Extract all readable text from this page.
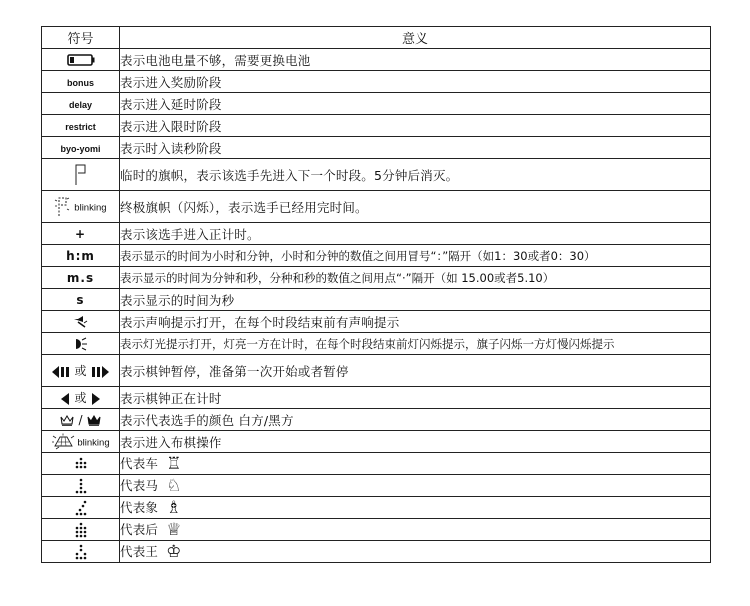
符号	意义
	表示电池电量不够，需要更换电池
bonus	表示进入奖励阶段
delay	表示进入延时阶段
restrict	表示进入限时阶段
byo-yomi	表示时入读秒阶段
	临时的旗帜，表示该选手先进入下一个时段。5分钟后消灭。
blinking	终极旗帜（闪烁），表示选手已经用完时间。
+	表示该选手进入正计时。
h:m	表示显示的时间为小时和分钟，小时和分钟的数值之间用冒号“：”隔开（如1：30或者0：30）
m.s	表示显示的时间为分钟和秒，分种和秒的数值之间用点“·”隔开（如 15.00或者5.10）
s	表示显示的时间为秒
	表示声响提示打开，在每个时段结束前有声响提示
	表示灯光提示打开，灯亮一方在计时，在每个时段结束前灯闪烁提示，旗子闪烁一方灯慢闪烁提示
或	表示棋钟暂停，准备第一次开始或者暂停
或	表示棋钟正在计时
/	表示代表选手的颜色 白方/黑方
blinking	表示进入布棋操作
	代表车 ♖
	代表马 ♘
	代表象 ♗
	代表后 ♕
	代表王 ♔
